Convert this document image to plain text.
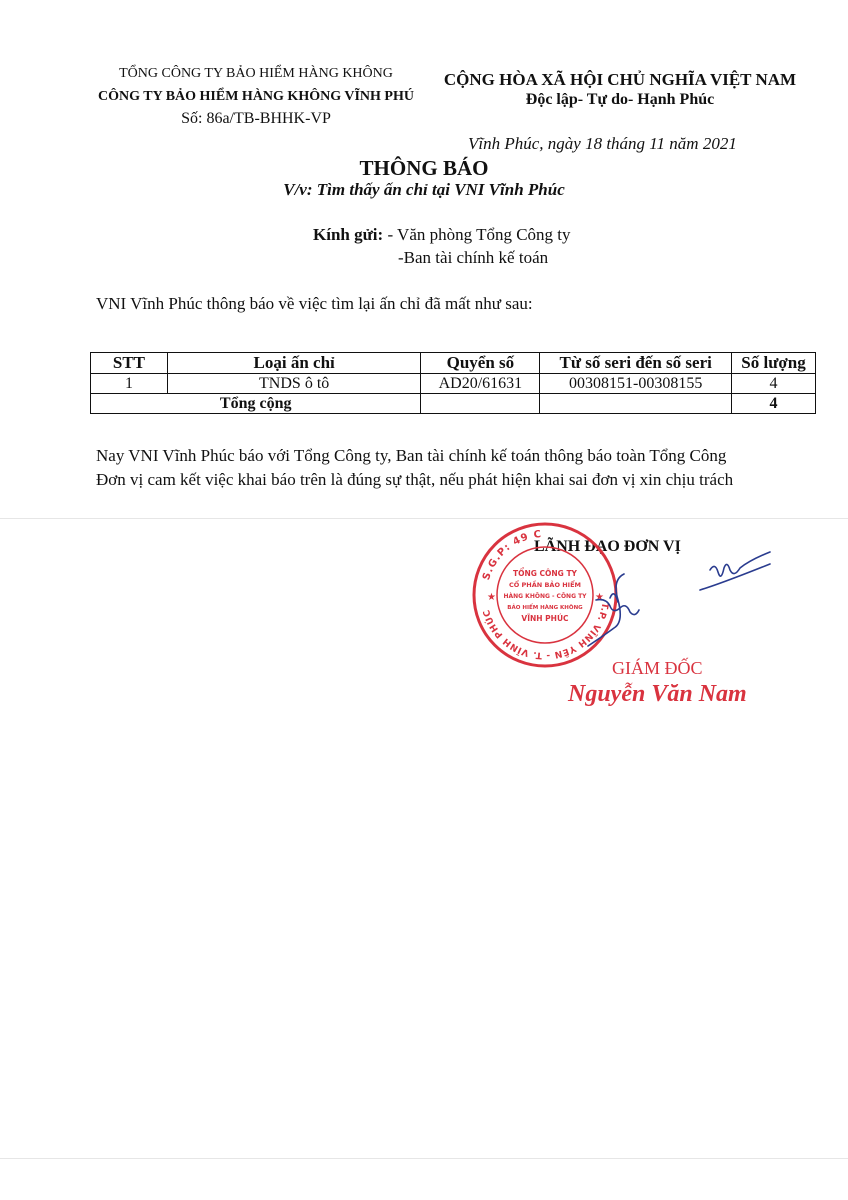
TỔNG CÔNG TY BẢO HIỂM HÀNG KHÔNG
CÔNG TY BẢO HIỂM HÀNG KHÔNG VĨNH PHÚ
Số: 86a/TB-BHHK-VP
CỘNG HÒA XÃ HỘI CHỦ NGHĨA VIỆT NAM
Độc lập- Tự do- Hạnh Phúc
Vĩnh Phúc, ngày 18 tháng 11 năm 2021
THÔNG BÁO
V/v: Tìm thấy ấn chỉ tại VNI Vĩnh Phúc
Kính gửi: - Văn phòng Tổng Công ty
-Ban tài chính kế toán
VNI Vĩnh Phúc thông báo về việc tìm lại ấn chỉ đã mất như sau:
STT	Loại ấn chỉ	Quyển số	Từ số seri đến số seri	Số lượng
1	TNDS ô tô	AD20/61631	00308151-00308155	4
Tổng cộng				4
Nay VNI Vĩnh Phúc báo với Tổng Công ty, Ban tài chính kế toán thông báo toàn Tổng Công
Đơn vị cam kết việc khai báo trên là đúng sự thật, nếu phát hiện khai sai đơn vị xin chịu trách
LÃNH ĐẠO ĐƠN VỊ
S.G.P: 49 C
T.P. VĨNH YÊN - T. VĨNH PHÚC
★	★
TỔNG CÔNG TY
CỔ PHẦN BẢO HIỂM
HÀNG KHÔNG - CÔNG TY
BẢO HIỂM HÀNG KHÔNG
VĨNH PHÚC
GIÁM ĐỐC
Nguyễn Văn Nam
